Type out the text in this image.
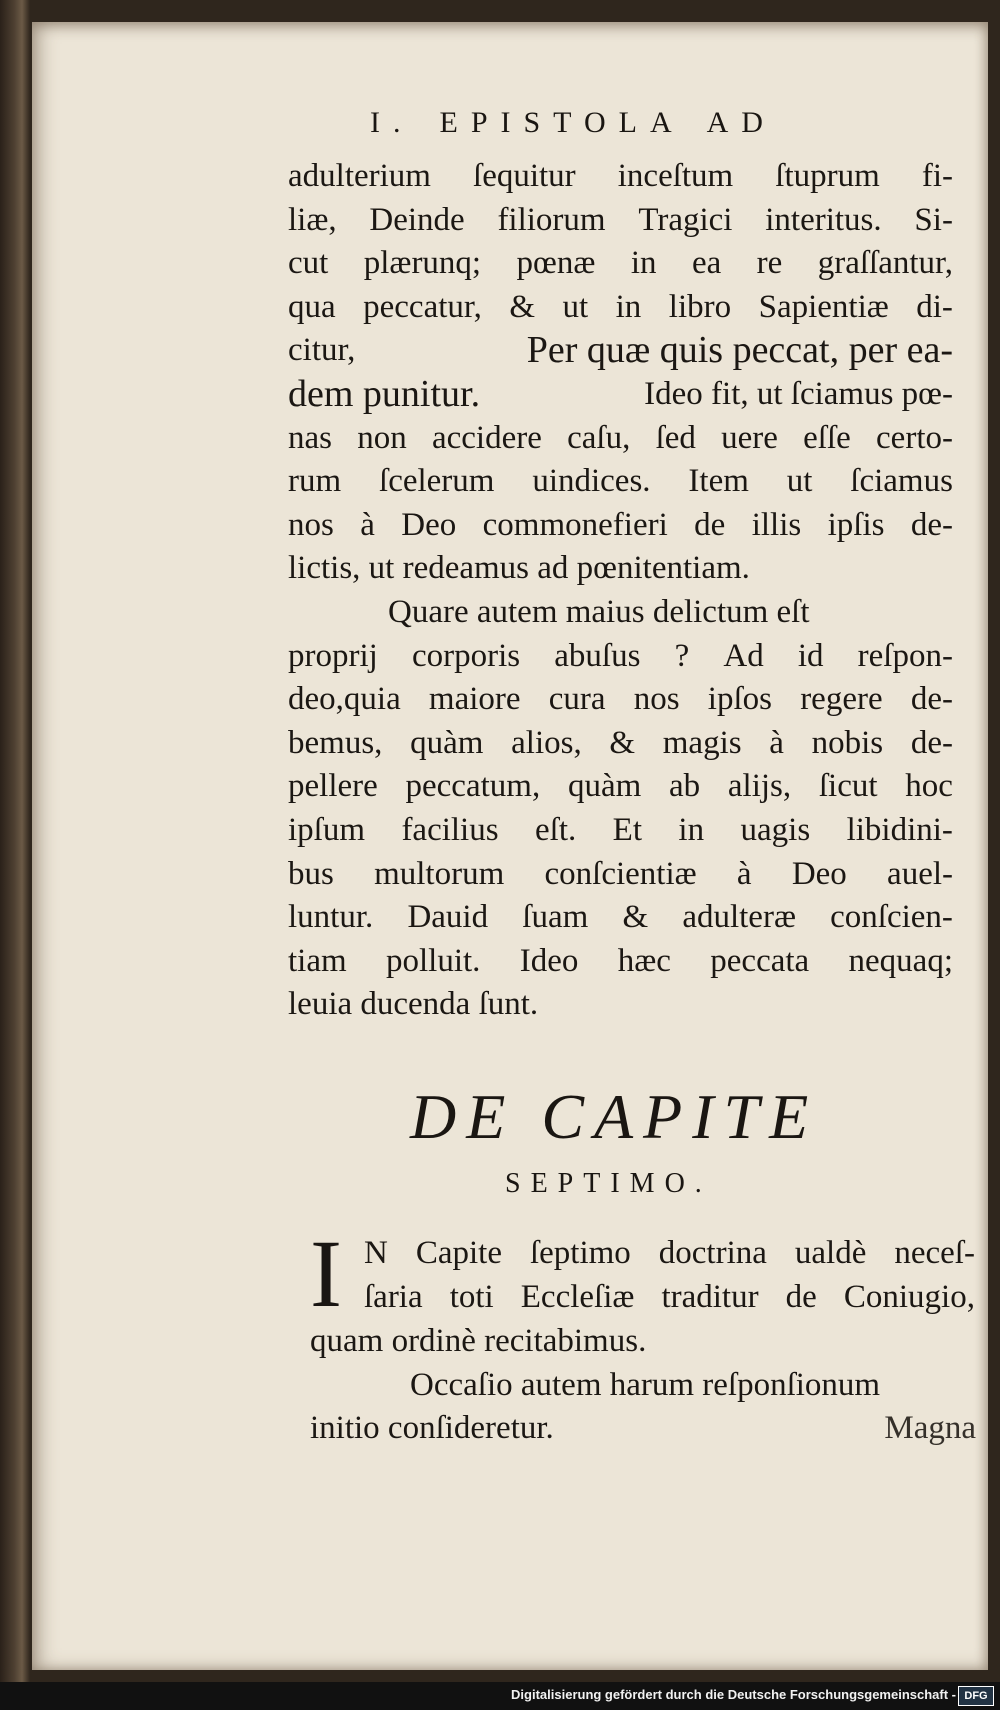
I. EPISTOLA AD
adulterium ſequitur inceſtum ſtuprum fi-
liæ, Deinde filiorum Tragici interitus. Si-
cut plærunq; pœnæ in ea re graſſantur,
qua peccatur, & ut in libro Sapientiæ di-
citur,	Per quæ quis peccat, per ea-
dem punitur.	Ideo fit, ut ſciamus pœ-
nas non accidere caſu, ſed uere eſſe certo-
rum ſcelerum uindices. Item ut ſciamus
nos à Deo commonefieri de illis ipſis de-
lictis, ut redeamus ad pœnitentiam.
Quare autem maius delictum eſt
proprij corporis abuſus ? Ad id reſpon-
deo,quia maiore cura nos ipſos regere de-
bemus, quàm alios, & magis à nobis de-
pellere peccatum, quàm ab alijs, ſicut hoc
ipſum facilius eſt. Et in uagis libidini-
bus multorum conſcientiæ à Deo auel-
luntur. Dauid ſuam & adulteræ conſcien-
tiam polluit. Ideo hæc peccata nequaq;
leuia ducenda ſunt.
DE CAPITE
SEPTIMO.
I N Capite ſeptimo doctrina ualdè neceſ-
ſaria toti Eccleſiæ traditur de Coniugio,
quam ordinè recitabimus.
Occaſio autem harum reſponſionum
initio conſideretur.	Magna
Digitalisierung gefördert durch die Deutsche Forschungsgemeinschaft - DFG
